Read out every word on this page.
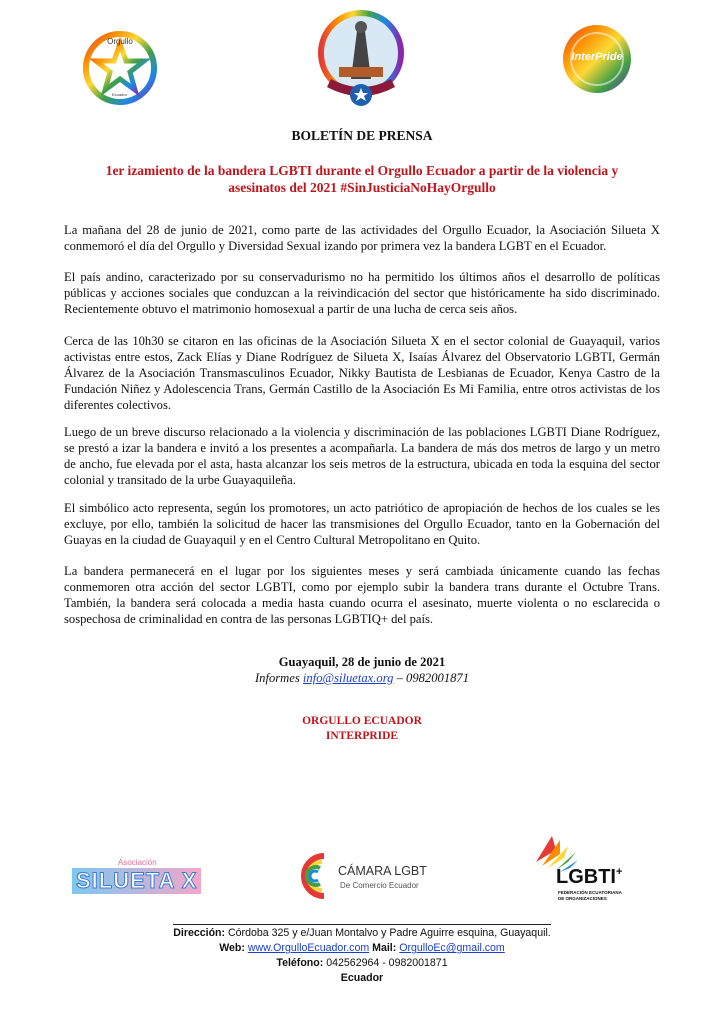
Orgullo
Ecuador
InterPride
BOLETÍN DE PRENSA
1er izamiento de la bandera LGBTI durante el Orgullo Ecuador a partir de la violencia y
asesinatos del 2021 #SinJusticiaNoHayOrgullo
La mañana del 28 de junio de 2021, como parte de las actividades del Orgullo Ecuador, la Asociación Silueta X conmemoró el día del Orgullo y Diversidad Sexual izando por primera vez la bandera LGBT en el Ecuador.
El país andino, caracterizado por su conservadurismo no ha permitido los últimos años el desarrollo de políticas públicas y acciones sociales que conduzcan a la reivindicación del sector que históricamente ha sido discriminado. Recientemente obtuvo el matrimonio homosexual a partir de una lucha de cerca seis años.
Cerca de las 10h30 se citaron en las oficinas de la Asociación Silueta X en el sector colonial de Guayaquil, varios activistas entre estos, Zack Elías y Diane Rodríguez de Silueta X, Isaías Álvarez del Observatorio LGBTI, Germán Álvarez de la Asociación Transmasculinos Ecuador, Nikky Bautista de Lesbianas de Ecuador, Kenya Castro de la Fundación Niñez y Adolescencia Trans, Germán Castillo de la Asociación Es Mi Familia, entre otros activistas de los diferentes colectivos.
Luego de un breve discurso relacionado a la violencia y discriminación de las poblaciones LGBTI Diane Rodríguez, se prestó a izar la bandera e invitó a los presentes a acompañarla. La bandera de más dos metros de largo y un metro de ancho, fue elevada por el asta, hasta alcanzar los seis metros de la estructura, ubicada en toda la esquina del sector colonial y transitado de la urbe Guayaquileña.
El simbólico acto representa, según los promotores, un acto patriótico de apropiación de hechos de los cuales se les excluye, por ello, también la solicitud de hacer las transmisiones del Orgullo Ecuador, tanto en la Gobernación del Guayas en la ciudad de Guayaquil y en el Centro Cultural Metropolitano en Quito.
La bandera permanecerá en el lugar por los siguientes meses y será cambiada únicamente cuando las fechas conmemoren otra acción del sector LGBTI, como por ejemplo subir la bandera trans durante el Octubre Trans. También, la bandera será colocada a media hasta cuando ocurra el asesinato, muerte violenta o no esclarecida o sospechosa de criminalidad en contra de las personas LGBTIQ+ del país.
Guayaquil, 28 de junio de 2021
Informes info@siluetax.org – 0982001871
ORGULLO ECUADOR
INTERPRIDE
Asociación
SILUETA X	CÁMARA LGBT
De Comercio Ecuador	LGBTI+
FEDERACIÓN ECUATORIANA
DE ORGANIZACIONES
Dirección: Córdoba 325 y e/Juan Montalvo y Padre Aguirre esquina, Guayaquil.
Web: www.OrgulloEcuador.com Mail: OrgulloEc@gmail.com
Teléfono: 042562964 - 0982001871
Ecuador
